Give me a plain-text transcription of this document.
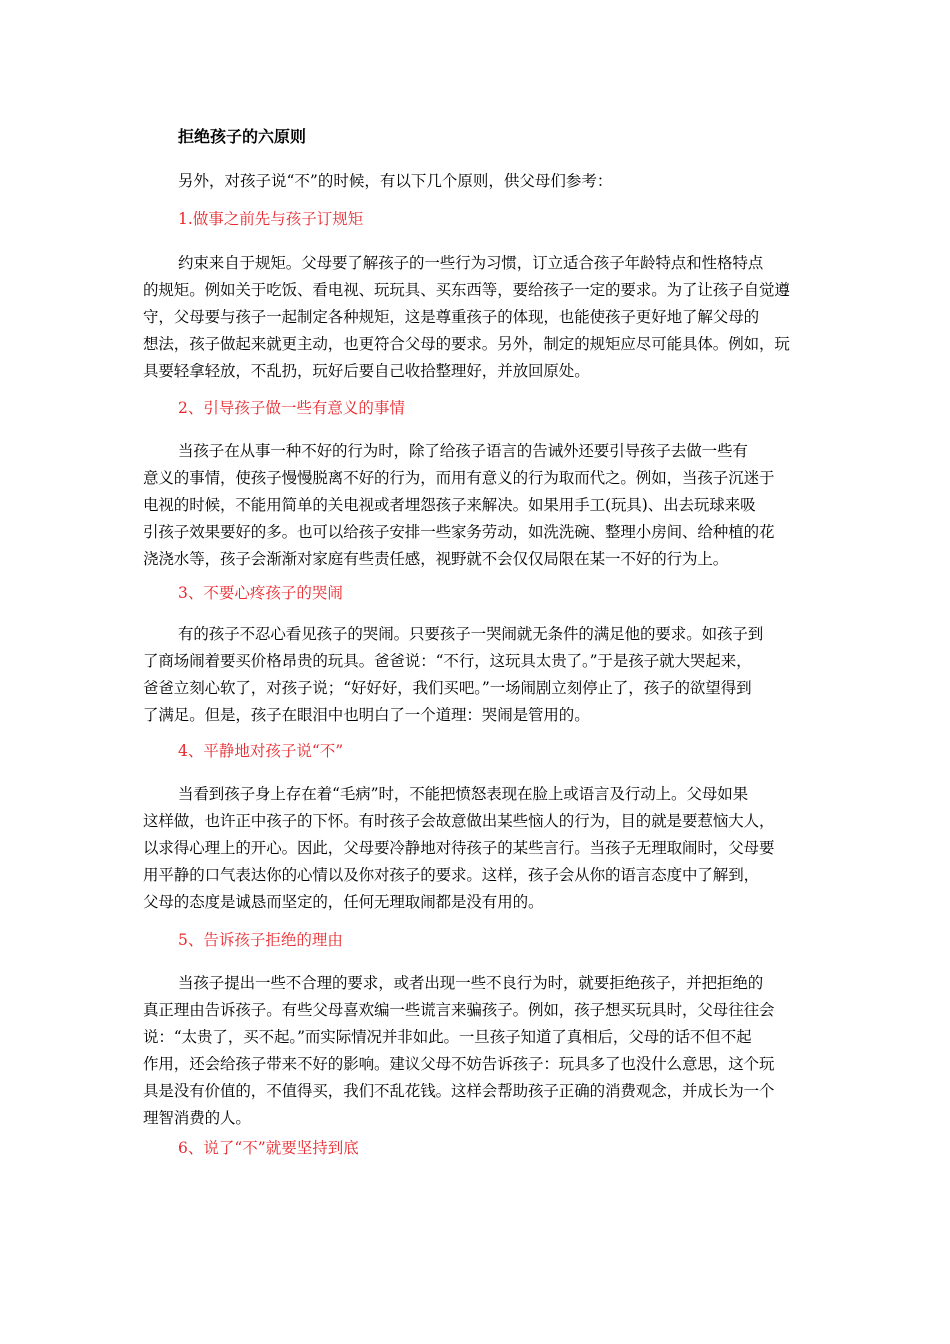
拒绝孩子的六原则
另外，对孩子说“不”的时候，有以下几个原则，供父母们参考：
1.做事之前先与孩子订规矩
约束来自于规矩。父母要了解孩子的一些行为习惯，订立适合孩子年龄特点和性格特点
的规矩。例如关于吃饭、看电视、玩玩具、买东西等，要给孩子一定的要求。为了让孩子自觉遵
守，父母要与孩子一起制定各种规矩，这是尊重孩子的体现，也能使孩子更好地了解父母的
想法，孩子做起来就更主动，也更符合父母的要求。另外，制定的规矩应尽可能具体。例如，玩
具要轻拿轻放，不乱扔，玩好后要自己收拾整理好，并放回原处。
2、引导孩子做一些有意义的事情
当孩子在从事一种不好的行为时，除了给孩子语言的告诫外还要引导孩子去做一些有
意义的事情，使孩子慢慢脱离不好的行为，而用有意义的行为取而代之。例如，当孩子沉迷于
电视的时候，不能用简单的关电视或者埋怨孩子来解决。如果用手工(玩具)、出去玩球来吸
引孩子效果要好的多。也可以给孩子安排一些家务劳动，如洗洗碗、整理小房间、给种植的花
浇浇水等，孩子会渐渐对家庭有些责任感，视野就不会仅仅局限在某一不好的行为上。
3、不要心疼孩子的哭闹
有的孩子不忍心看见孩子的哭闹。只要孩子一哭闹就无条件的满足他的要求。如孩子到
了商场闹着要买价格昂贵的玩具。爸爸说：“不行，这玩具太贵了。”于是孩子就大哭起来，
爸爸立刻心软了，对孩子说；“好好好，我们买吧。”一场闹剧立刻停止了，孩子的欲望得到
了满足。但是，孩子在眼泪中也明白了一个道理：哭闹是管用的。
4、平静地对孩子说“不”
当看到孩子身上存在着“毛病”时，不能把愤怒表现在脸上或语言及行动上。父母如果
这样做，也许正中孩子的下怀。有时孩子会故意做出某些恼人的行为，目的就是要惹恼大人，
以求得心理上的开心。因此，父母要冷静地对待孩子的某些言行。当孩子无理取闹时，父母要
用平静的口气表达你的心情以及你对孩子的要求。这样，孩子会从你的语言态度中了解到，
父母的态度是诚恳而坚定的，任何无理取闹都是没有用的。
5、告诉孩子拒绝的理由
当孩子提出一些不合理的要求，或者出现一些不良行为时，就要拒绝孩子，并把拒绝的
真正理由告诉孩子。有些父母喜欢编一些谎言来骗孩子。例如，孩子想买玩具时，父母往往会
说：“太贵了，买不起。”而实际情况并非如此。一旦孩子知道了真相后，父母的话不但不起
作用，还会给孩子带来不好的影响。建议父母不妨告诉孩子：玩具多了也没什么意思，这个玩
具是没有价值的，不值得买，我们不乱花钱。这样会帮助孩子正确的消费观念，并成长为一个
理智消费的人。
6、说了“不”就要坚持到底
